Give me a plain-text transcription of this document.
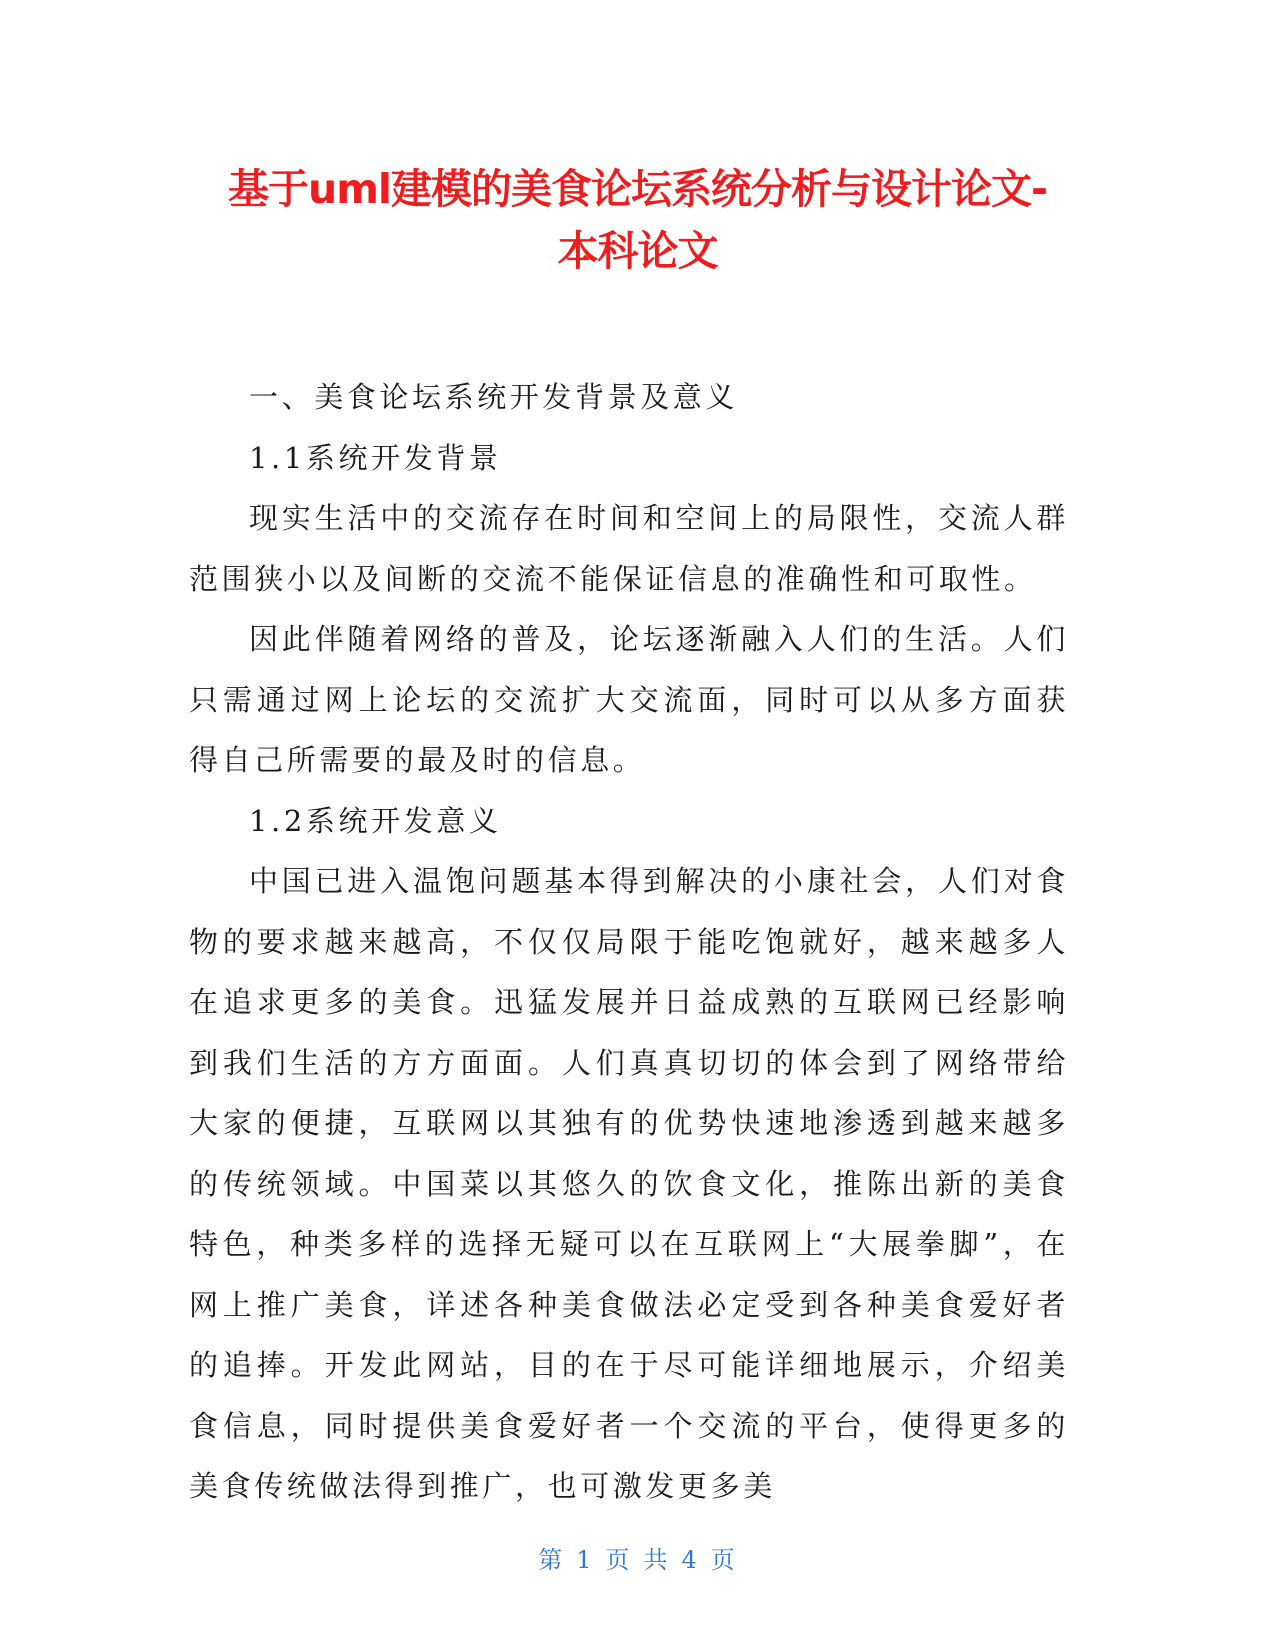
基于uml建模的美食论坛系统分析与设计论文-
本科论文

一、美食论坛系统开发背景及意义

1.1系统开发背景

现实生活中的交流存在时间和空间上的局限性，交流人群范围狭小以及间断的交流不能保证信息的准确性和可取性。

因此伴随着网络的普及，论坛逐渐融入人们的生活。人们只需通过网上论坛的交流扩大交流面，同时可以从多方面获得自己所需要的最及时的信息。

1.2系统开发意义

中国已进入温饱问题基本得到解决的小康社会，人们对食物的要求越来越高，不仅仅局限于能吃饱就好，越来越多人在追求更多的美食。迅猛发展并日益成熟的互联网已经影响到我们生活的方方面面。人们真真切切的体会到了网络带给大家的便捷，互联网以其独有的优势快速地渗透到越来越多的传统领域。中国菜以其悠久的饮食文化，推陈出新的美食特色，种类多样的选择无疑可以在互联网上“大展拳脚”，在网上推广美食，详述各种美食做法必定受到各种美食爱好者的追捧。开发此网站，目的在于尽可能详细地展示，介绍美食信息，同时提供美食爱好者一个交流的平台，使得更多的美食传统做法得到推广，也可激发更多美

第 1 页 共 4 页
